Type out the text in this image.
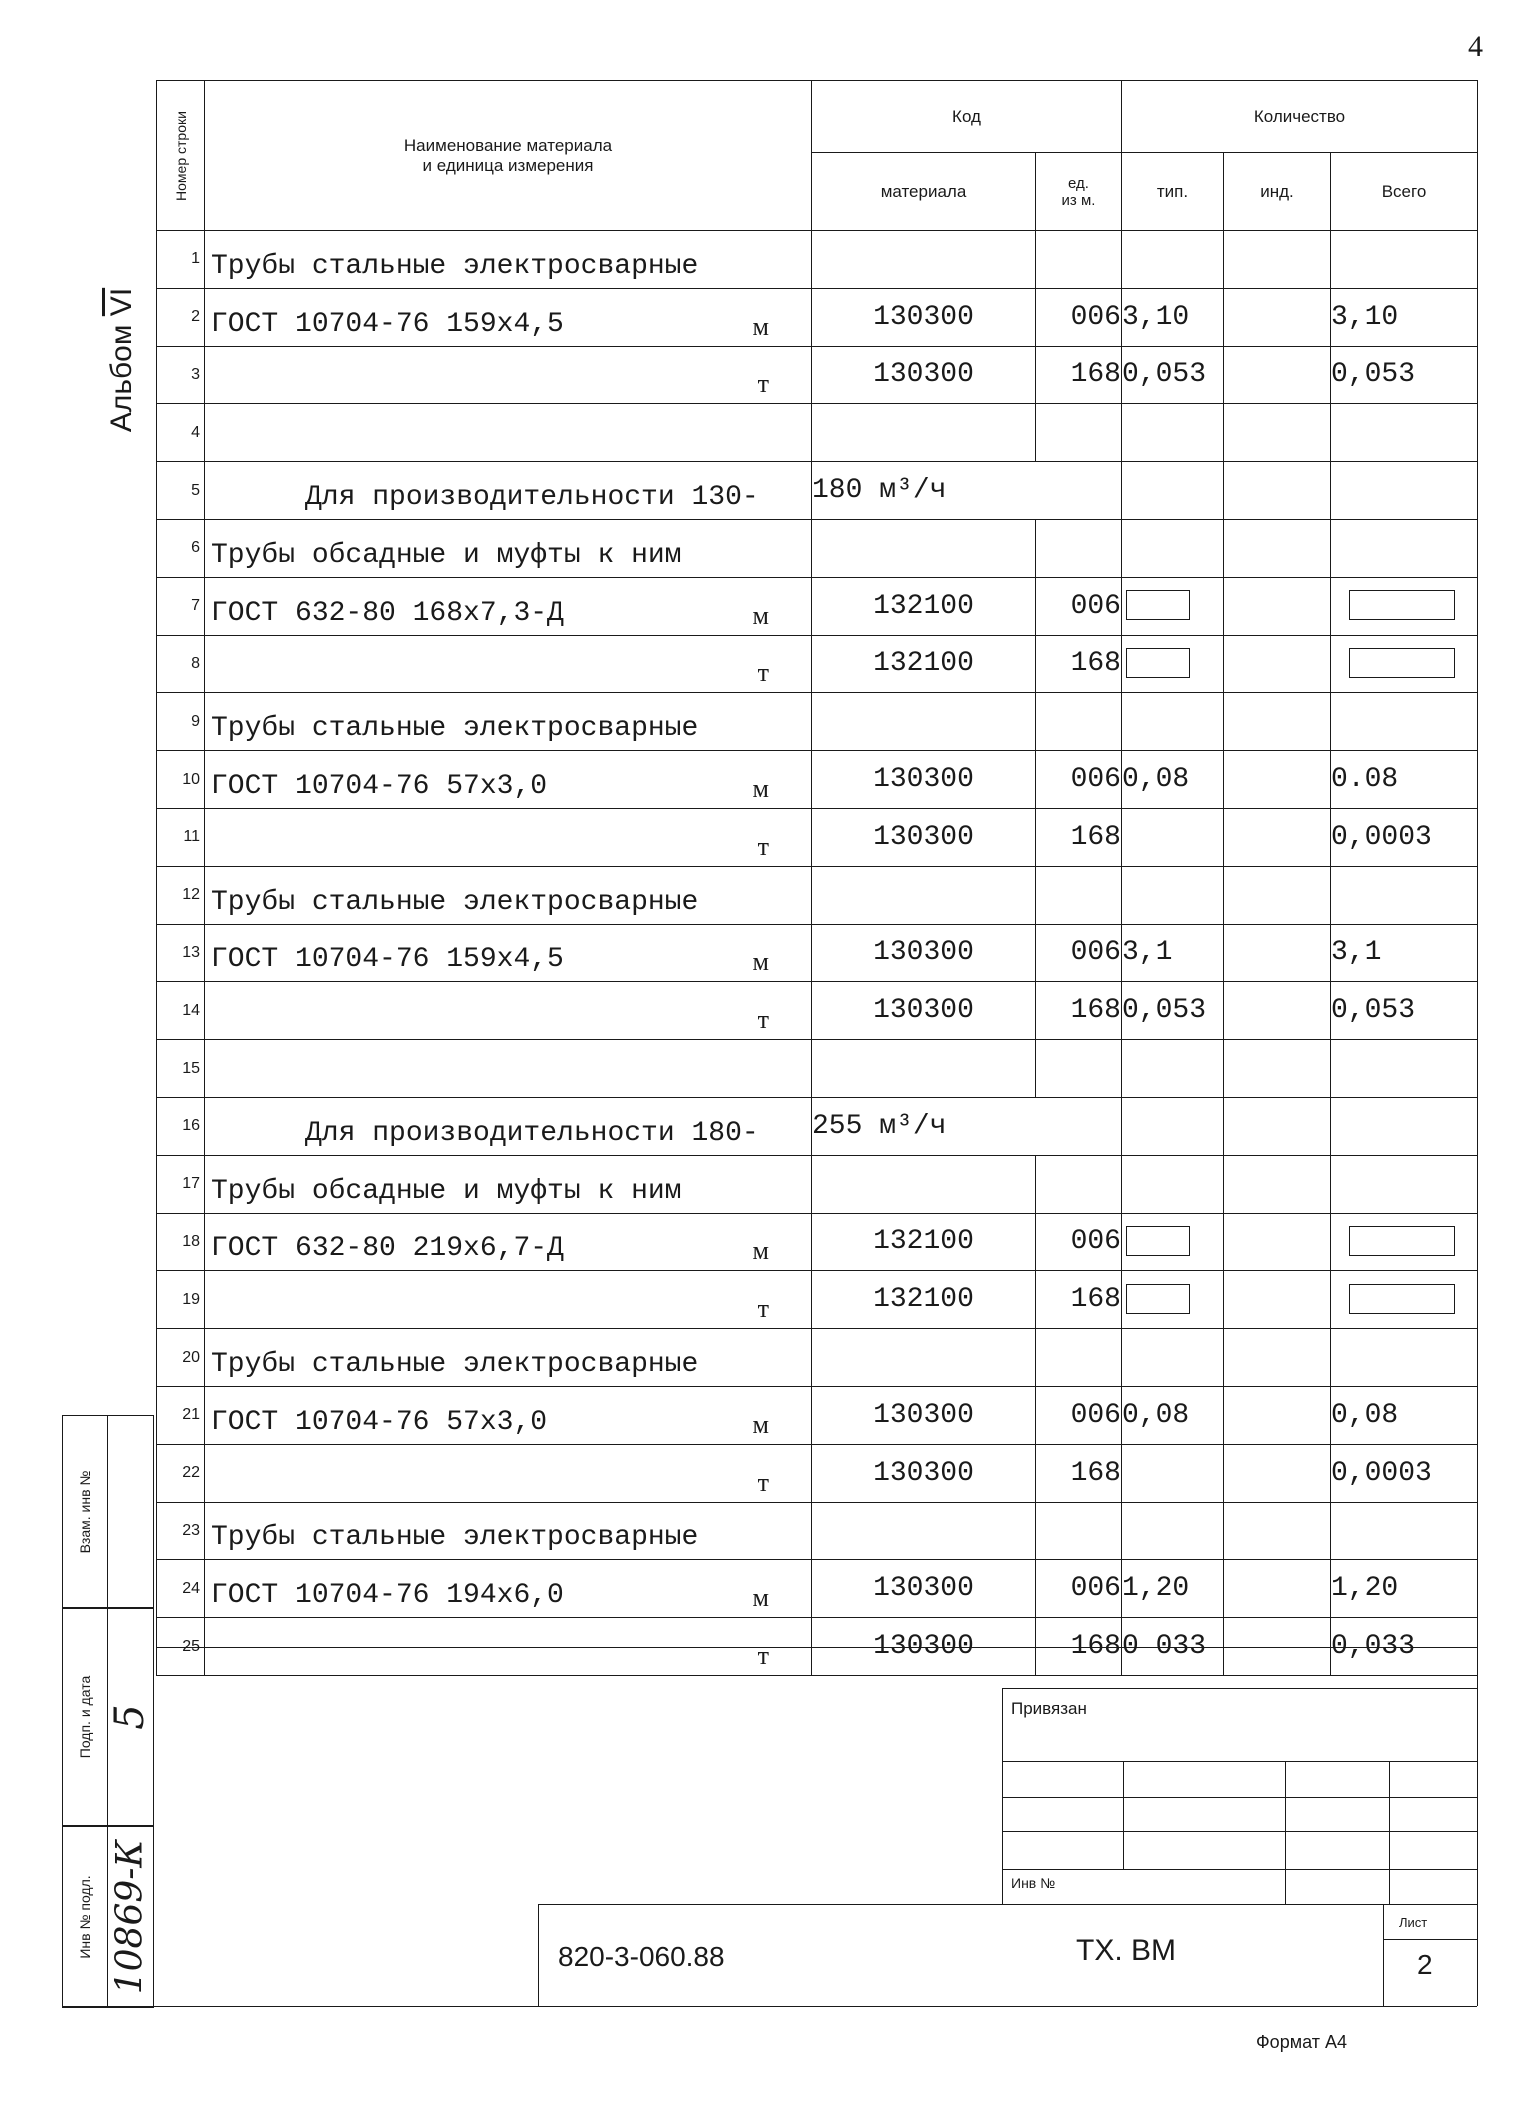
4
Альбом $\overline{VI}$
Номер строки	Наименование материала
и единица измерения	Код		Количество		
		материала	ед.
из м.	тип.	инд.	Всего
1	Трубы стальные электросварные					

2	ГОСТ 10704-76 159х4,5 м	130300	006	3,10		3,10
3	т	130300	168	0,053		0,053
4	

5	Для производительности 130-	180 м³/ч				
6	Трубы обсадные и муфты к ним					

7	ГОСТ 632-80 168х7,3-Д м	132100	006			
8	т	132100	168			
9	Трубы стальные электросварные					

10	ГОСТ 10704-76 57х3,0 м	130300	006	0,08		0.08
11	т	130300	168			0,0003
12	Трубы стальные электросварные					

13	ГОСТ 10704-76 159х4,5 м	130300	006	3,1		3,1
14	т	130300	168	0,053		0,053
15	

16	Для производительности 180-	255 м³/ч				
17	Трубы обсадные и муфты к ним					

18	ГОСТ 632-80 219х6,7-Д м	132100	006			
19	т	132100	168			
20	Трубы стальные электросварные					

21	ГОСТ 10704-76 57х3,0 м	130300	006	0,08		0,08
22	т	130300	168			0,0003
23	Трубы стальные электросварные					

24	ГОСТ 10704-76 194х6,0 м	130300	006	1,20		1,20
25	т	130300	168	0 033		0,033
Привязан
Инв №
Лист
2
820-3-060.88	ТХ. ВМ
Взам. инв №
Подп. и дата 5
Инв № подл. 10869-К
Формат А4
